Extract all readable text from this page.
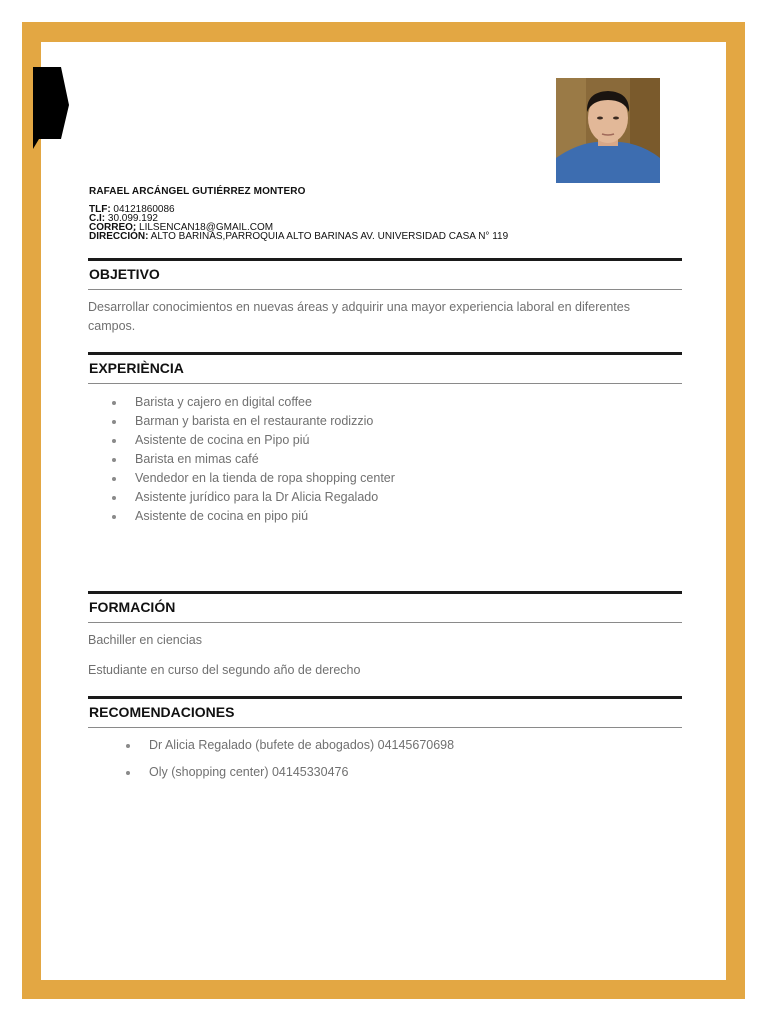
RAFAEL ARCÁNGEL GUTIÉRREZ MONTERO
TLF: 04121860086
C.I: 30.099.192
CORREO: LILSENCAN18@GMAIL.COM
DIRECCIÓN: ALTO BARINAS,PARROQUIA ALTO BARINAS AV. UNIVERSIDAD CASA N° 119
OBJETIVO
Desarrollar conocimientos en nuevas áreas y adquirir una mayor experiencia laboral en diferentes
campos.
EXPERIÈNCIA
Barista y cajero en digital coffee
Barman y barista en el restaurante rodizzio
Asistente de cocina en Pipo piú
Barista en mimas café
Vendedor en la tienda de ropa shopping center
Asistente jurídico para la Dr Alicia Regalado
Asistente de cocina en pipo piú
FORMACIÓN
Bachiller en ciencias
Estudiante en curso del segundo año de derecho
RECOMENDACIONES
Dr Alicia Regalado (bufete de abogados) 04145670698
Oly (shopping center) 04145330476
